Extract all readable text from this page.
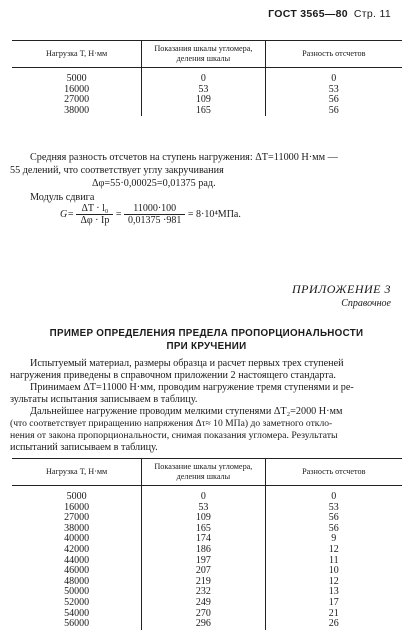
ГОСТ 3565—80 Стр. 11
Нагрузка T, Н·мм	Показания шкалы угломера, деления шкалы	Разность отсчетов

5000	0	0
16000	53	53
27000	109	56
38000	165	56
Средняя разность отсчетов на ступень нагружения: ΔT=11000 Н·мм —
55 делений, что соответствует углу закручивания
Δφ=55·0,00025=0,01375 рад.
Модуль сдвига
$G= \frac{\text{ΔT · l₀}}{\Delta\varphi \cdot Iр} = \frac{11000\cdot 100}{0,01375 \cdot 981} = 8\cdot 10^4МПа$.
ПРИЛОЖЕНИЕ 3
Справочное
ПРИМЕР ОПРЕДЕЛЕНИЯ ПРЕДЕЛА ПРОПОРЦИОНАЛЬНОСТИ
ПРИ КРУЧЕНИИ
Испытуемый материал, размеры образца и расчет первых трех ступеней
нагружения приведены в справочном приложении 2 настоящего стандарта.
Принимаем ΔT=11000 Н·мм, проводим нагружение тремя ступенями и ре-
зультаты испытания записываем в таблицу.
Дальнейшее нагружение проводим мелкими ступенями ΔT₂=2000 Н·мм
(что соответствует приращению напряжения Δτ≈ 10 МПа) до заметного откло-
нения от закона пропорциональности, снимая показания угломера. Результаты
испытаний записываем в таблицу.
Нагрузка T, Н·мм	Показание шкалы угломера, деления шкалы	Разность отсчетов

5000	0	0
16000	53	53
27000	109	56
38000	165	56
40000	174	9
42000	186	12
44000	197	11
46000	207	10
48000	219	12
50000	232	13
52000	249	17
54000	270	21
56000	296	26
